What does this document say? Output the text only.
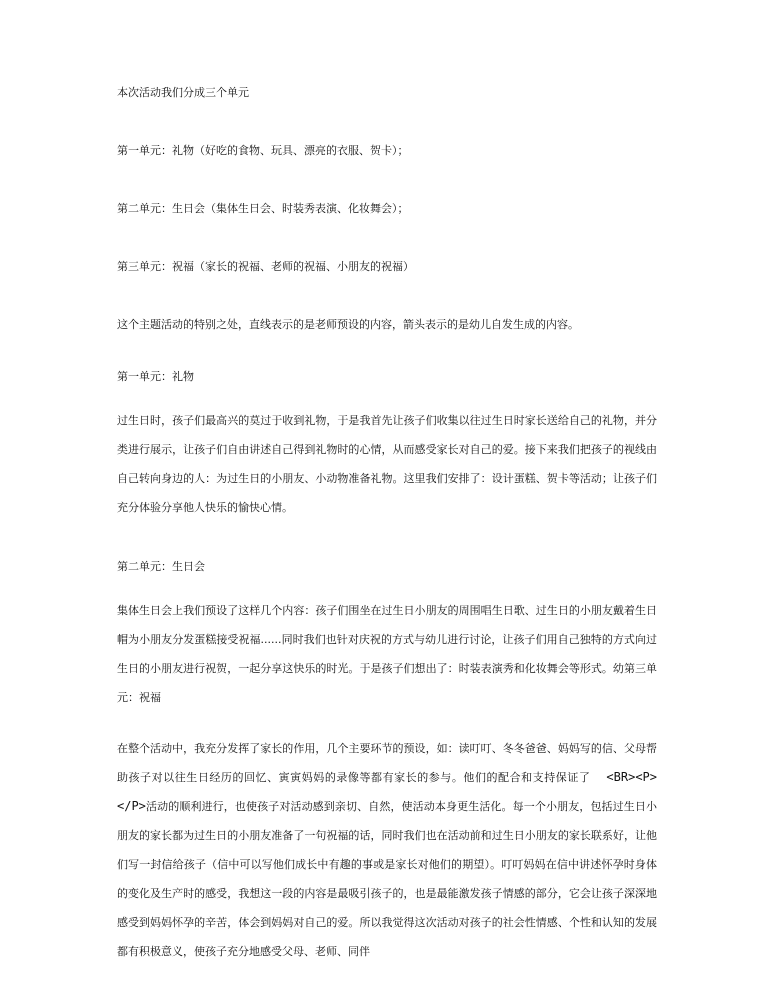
本次活动我们分成三个单元
第一单元：礼物（好吃的食物、玩具、漂亮的衣服、贺卡）；
第二单元：生日会（集体生日会、时装秀表演、化妆舞会）；
第三单元：祝福（家长的祝福、老师的祝福、小朋友的祝福）
这个主题活动的特别之处，直线表示的是老师预设的内容，箭头表示的是幼儿自发生成的内容。
第一单元：礼物
过生日时，孩子们最高兴的莫过于收到礼物，于是我首先让孩子们收集以往过生日时家长送给自己的礼物，并分类进行展示，让孩子们自由讲述自己得到礼物时的心情，从而感受家长对自己的爱。接下来我们把孩子的视线由自己转向身边的人：为过生日的小朋友、小动物准备礼物。这里我们安排了：设计蛋糕、贺卡等活动；让孩子们充分体验分享他人快乐的愉快心情。
第二单元：生日会
集体生日会上我们预设了这样几个内容：孩子们围坐在过生日小朋友的周围唱生日歌、过生日的小朋友戴着生日帽为小朋友分发蛋糕接受祝福......同时我们也针对庆祝的方式与幼儿进行讨论，让孩子们用自己独特的方式向过生日的小朋友进行祝贺，一起分享这快乐的时光。于是孩子们想出了：时装表演秀和化妆舞会等形式。幼第三单元：祝福
在整个活动中，我充分发挥了家长的作用，几个主要环节的预设，如：读叮叮、冬冬爸爸、妈妈写的信、父母帮助孩子对以往生日经历的回忆、寅寅妈妈的录像等都有家长的参与。他们的配合和支持保证了 <BR><P></P>活动的顺利进行，也使孩子对活动感到亲切、自然，使活动本身更生活化。每一个小朋友，包括过生日小朋友的家长都为过生日的小朋友准备了一句祝福的话，同时我们也在活动前和过生日小朋友的家长联系好，让他们写一封信给孩子（信中可以写他们成长中有趣的事或是家长对他们的期望）。叮叮妈妈在信中讲述怀孕时身体的变化及生产时的感受，我想这一段的内容是最吸引孩子的，也是最能激发孩子情感的部分，它会让孩子深深地感受到妈妈怀孕的辛苦，体会到妈妈对自己的爱。所以我觉得这次活动对孩子的社会性情感、个性和认知的发展都有积极意义，使孩子充分地感受父母、老师、同伴
